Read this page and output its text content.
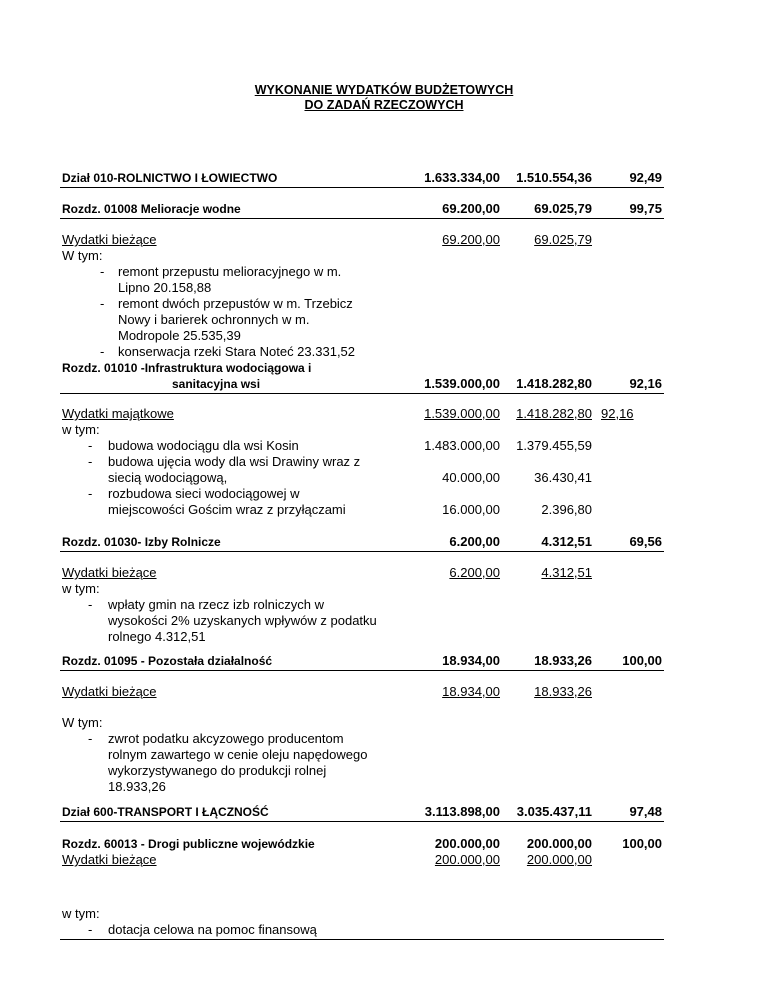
WYKONANIE WYDATKÓW BUDŻETOWYCH
DO ZADAŃ RZECZOWYCH
Dział 010-ROLNICTWO I ŁOWIECTWO	1.633.334,00	1.510.554,36	92,49
Rozdz. 01008 Melioracje wodne	69.200,00	69.025,79	99,75
Wydatki bieżące	69.200,00	69.025,79
W tym:
- remont przepustu melioracyjnego w m.
Lipno 20.158,88
- remont dwóch przepustów w m. Trzebicz
Nowy i barierek ochronnych w m.
Modropole 25.535,39
- konserwacja rzeki Stara Noteć 23.331,52
Rozdz. 01010 -Infrastruktura wodociągowa i
sanitacyjna wsi	1.539.000,00	1.418.282,80	92,16
Wydatki majątkowe	1.539.000,00	1.418.282,80 92,16
w tym:
- budowa wodociągu dla wsi Kosin	1.483.000,00	1.379.455,59
- budowa ujęcia wody dla wsi Drawiny wraz z
siecią wodociągową,	40.000,00	36.430,41
- rozbudowa sieci wodociągowej w
miejscowości Gościm wraz z przyłączami	16.000,00	2.396,80
Rozdz. 01030- Izby Rolnicze	6.200,00	4.312,51	69,56
Wydatki bieżące	6.200,00	4.312,51
w tym:
- wpłaty gmin na rzecz izb rolniczych w
wysokości 2% uzyskanych wpływów z podatku
rolnego 4.312,51
Rozdz. 01095 - Pozostała działalność	18.934,00	18.933,26	100,00
Wydatki bieżące	18.934,00	18.933,26
W tym:
- zwrot podatku akcyzowego producentom
rolnym zawartego w cenie oleju napędowego
wykorzystywanego do produkcji rolnej
18.933,26
Dział 600-TRANSPORT I ŁĄCZNOŚĆ	3.113.898,00	3.035.437,11	97,48
Rozdz. 60013 - Drogi publiczne wojewódzkie	200.000,00	200.000,00	100,00
Wydatki bieżące	200.000,00	200.000,00
w tym:
- dotacja celowa na pomoc finansową
